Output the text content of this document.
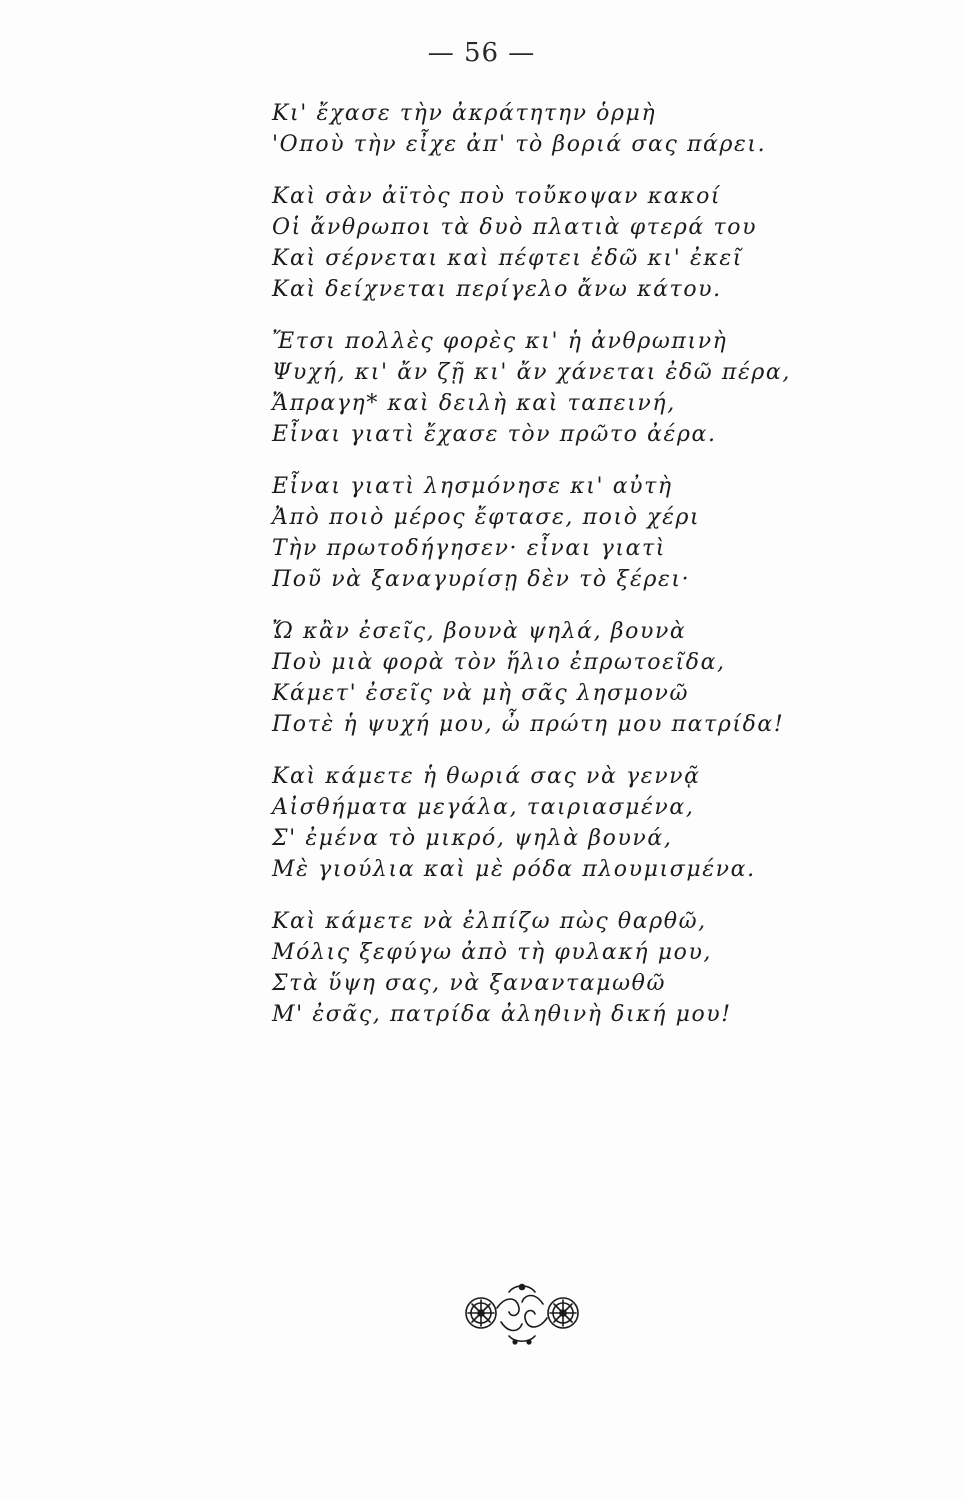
— 56 —
Κι' ἔχασε τὴν ἀκράτητην ὁρμὴ
'Οποὺ τὴν εἶχε ἀπ' τὸ βοριά σας πάρει.
Καὶ σὰν ἀϊτὸς ποὺ τοὔκοψαν κακοί
Οἱ ἄνθρωποι τὰ δυὸ πλατιὰ φτερά του
Καὶ σέρνεται καὶ πέφτει ἐδῶ κι' ἐκεῖ
Καὶ δείχνεται περίγελο ἄνω κάτου.
Ἔτσι πολλὲς φορὲς κι' ἡ ἀνθρωπινὴ
Ψυχή, κι' ἄν ζῇ κι' ἄν χάνεται ἐδῶ πέρα,
Ἄπραγη* καὶ δειλὴ καὶ ταπεινή,
Εἶναι γιατὶ ἔχασε τὸν πρῶτο ἀέρα.
Εἶναι γιατὶ λησμόνησε κι' αὐτὴ
Ἀπὸ ποιὸ μέρος ἔφτασε, ποιὸ χέρι
Τὴν πρωτοδήγησεν· εἶναι γιατὶ
Ποῦ νὰ ξαναγυρίσῃ δὲν τὸ ξέρει·
Ὤ κἂν ἐσεῖς, βουνὰ ψηλά, βουνὰ
Ποὺ μιὰ φορὰ τὸν ἥλιο ἐπρωτοεῖδα,
Κάμετ' ἐσεῖς νὰ μὴ σᾶς λησμονῶ
Ποτὲ ἡ ψυχή μου, ὦ πρώτη μου πατρίδα!
Καὶ κάμετε ἡ θωριά σας νὰ γεννᾷ
Αἰσθήματα μεγάλα, ταιριασμένα,
Σ' ἐμένα τὸ μικρό, ψηλὰ βουνά,
Μὲ γιούλια καὶ μὲ ρόδα πλουμισμένα.
Καὶ κάμετε νὰ ἐλπίζω πὼς θαρθῶ,
Μόλις ξεφύγω ἀπὸ τὴ φυλακή μου,
Στὰ ὕψη σας, νὰ ξανανταμωθῶ
Μ' ἐσᾶς, πατρίδα ἀληθινὴ δική μου!
